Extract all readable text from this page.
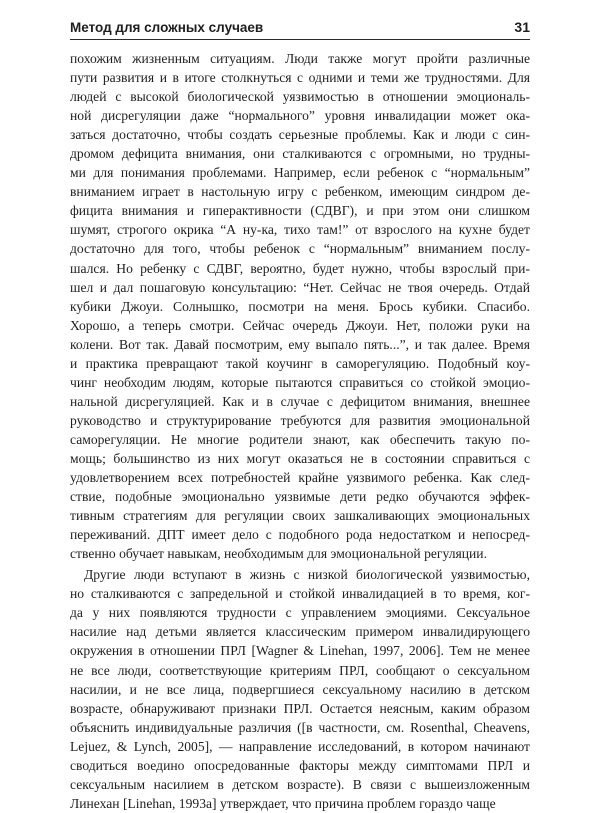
Метод для сложных случаев	31

похожим жизненным ситуациям. Люди также могут пройти различные
пути развития и в итоге столкнуться с одними и теми же трудностями. Для
людей с высокой биологической уязвимостью в отношении эмоциональ-
ной дисрегуляции даже “нормального” уровня инвалидации может ока-
заться достаточно, чтобы создать серьезные проблемы. Как и люди с син-
дромом дефицита внимания, они сталкиваются с огромными, но трудны-
ми для понимания проблемами. Например, если ребенок с “нормальным”
вниманием играет в настольную игру с ребенком, имеющим синдром де-
фицита внимания и гиперактивности (СДВГ), и при этом они слишком
шумят, строгого окрика “А ну-ка, тихо там!” от взрослого на кухне будет
достаточно для того, чтобы ребенок с “нормальным” вниманием послу-
шался. Но ребенку с СДВГ, вероятно, будет нужно, чтобы взрослый при-
шел и дал пошаговую консультацию: “Нет. Сейчас не твоя очередь. Отдай
кубики Джоуи. Солнышко, посмотри на меня. Брось кубики. Спасибо.
Хорошо, а теперь смотри. Сейчас очередь Джоуи. Нет, положи руки на
колени. Вот так. Давай посмотрим, ему выпало пять...”, и так далее. Время
и практика превращают такой коучинг в саморегуляцию. Подобный коу-
чинг необходим людям, которые пытаются справиться со стойкой эмоцио-
нальной дисрегуляцией. Как и в случае с дефицитом внимания, внешнее
руководство и структурирование требуются для развития эмоциональной
саморегуляции. Не многие родители знают, как обеспечить такую по-
мощь; большинство из них могут оказаться не в состоянии справиться с
удовлетворением всех потребностей крайне уязвимого ребенка. Как след-
ствие, подобные эмоционально уязвимые дети редко обучаются эффек-
тивным стратегиям для регуляции своих зашкаливающих эмоциональных
переживаний. ДПТ имеет дело с подобного рода недостатком и непосред-
ственно обучает навыкам, необходимым для эмоциональной регуляции.

Другие люди вступают в жизнь с низкой биологической уязвимостью,
но сталкиваются с запредельной и стойкой инвалидацией в то время, ког-
да у них появляются трудности с управлением эмоциями. Сексуальное
насилие над детьми является классическим примером инвалидирующего
окружения в отношении ПРЛ [Wagner & Linehan, 1997, 2006]. Тем не менее
не все люди, соответствующие критериям ПРЛ, сообщают о сексуальном
насилии, и не все лица, подвергшиеся сексуальному насилию в детском
возрасте, обнаруживают признаки ПРЛ. Остается неясным, каким образом
объяснить индивидуальные различия ([в частности, см. Rosenthal, Cheavens,
Lejuez, & Lynch, 2005], — направление исследований, в котором начинают
сводиться воедино опосредованные факторы между симптомами ПРЛ и
сексуальным насилием в детском возрасте). В связи с вышеизложенным
Линехан [Linehan, 1993a] утверждает, что причина проблем гораздо чаще
